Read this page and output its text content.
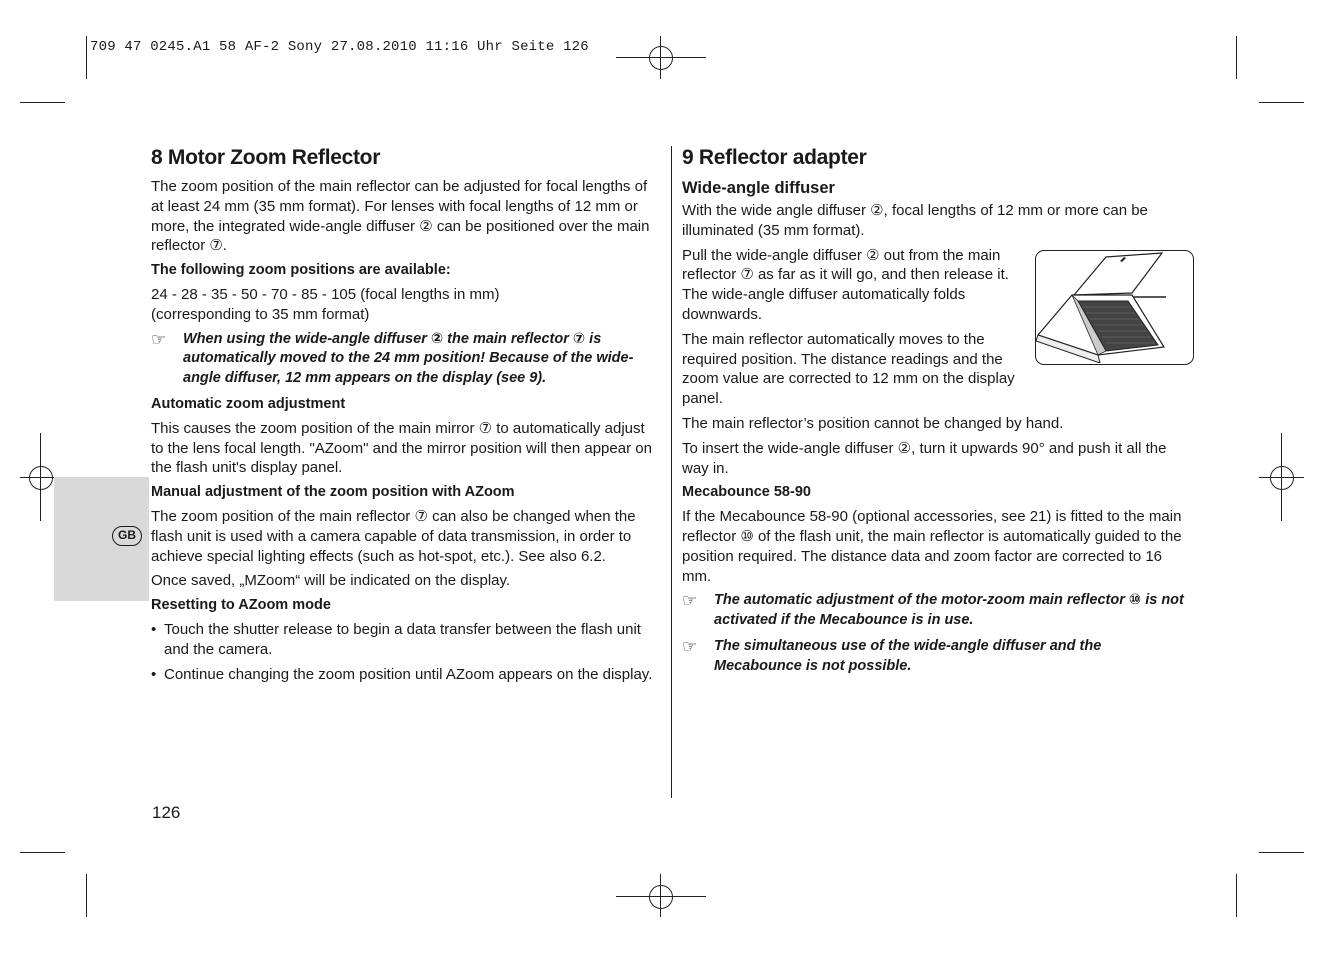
709 47 0245.A1 58 AF-2 Sony 27.08.2010 11:16 Uhr Seite 126
GB
8 Motor Zoom Reflector

The zoom position of the main reflector can be adjusted for focal lengths of at least 24 mm (35 mm format). For lenses with focal lengths of 12 mm or more, the integrated wide-angle diffuser ② can be positioned over the main reflector ⑦.

The following zoom positions are available:
24 - 28 - 35 - 50 - 70 - 85 - 105 (focal lengths in mm)

(corresponding to 35 mm format)

☞	When using the wide-angle diffuser ② the main reflector ⑦ is automatically moved to the 24 mm position! Because of the wide-angle diffuser, 12 mm appears on the display (see 9).
Automatic zoom adjustment

This causes the zoom position of the main mirror ⑦ to automatically adjust to the lens focal length. "AZoom" and the mirror position will then appear on the flash unit's display panel.

Manual adjustment of the zoom position with AZoom

The zoom position of the main reflector ⑦ can also be changed when the flash unit is used with a camera capable of data transmission, in order to achieve special lighting effects (such as hot-spot, etc.). See also 6.2.

Once saved, „MZoom“ will be indicated on the display.

Resetting to AZoom mode
• Touch the shutter release to begin a data transfer between the flash unit and the camera.
• Continue changing the zoom position until AZoom appears on the display.
9 Reflector adapter
Wide-angle diffuser

With the wide angle diffuser ②, focal lengths of 12 mm or more can be illuminated (35 mm format).

Pull the wide-angle diffuser ② out from the main reflector ⑦ as far as it will go, and then release it. The wide-angle diffuser automatically folds downwards.

The main reflector automatically moves to the required position. The distance readings and the zoom value are corrected to 12 mm on the display panel.

The main reflector’s position cannot be changed by hand.

To insert the wide-angle diffuser ②, turn it upwards 90° and push it all the way in.

Mecabounce 58-90

If the Mecabounce 58-90 (optional accessories, see 21) is fitted to the main reflector ⑩ of the flash unit, the main reflector is automatically guided to the position required. The distance data and zoom factor are corrected to 16 mm.

☞	The automatic adjustment of the motor-zoom main reflector ⑩ is not activated if the Mecabounce is in use.
☞	The simultaneous use of the wide-angle diffuser and the Mecabounce is not possible.
126
